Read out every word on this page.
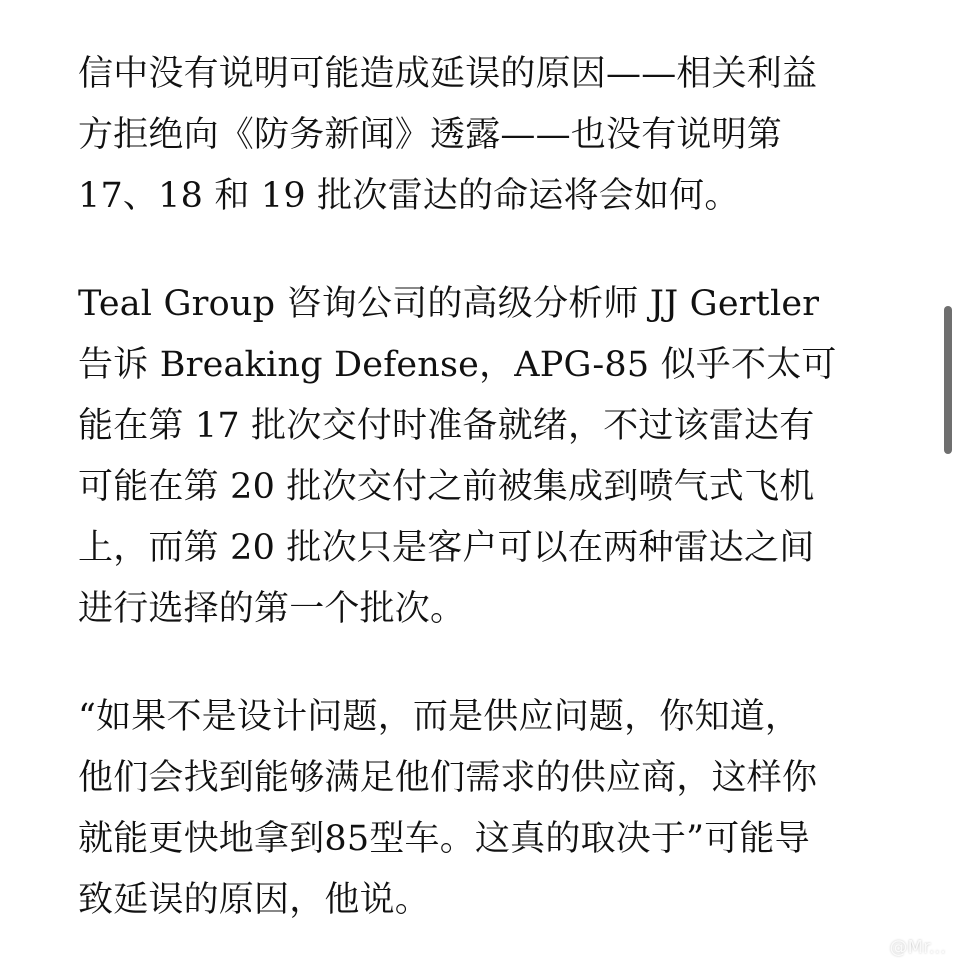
信中没有说明可能造成延误的原因——相关利益
方拒绝向《防务新闻》透露——也没有说明第
17、18 和 19 批次雷达的命运将会如何。

Teal Group 咨询公司的高级分析师 JJ Gertler
告诉 Breaking Defense，APG-85 似乎不太可
能在第 17 批次交付时准备就绪，不过该雷达有
可能在第 20 批次交付之前被集成到喷气式飞机
上，而第 20 批次只是客户可以在两种雷达之间
进行选择的第一个批次。

“如果不是设计问题，而是供应问题，你知道，
他们会找到能够满足他们需求的供应商，这样你
就能更快地拿到85型车。这真的取决于”可能导
致延误的原因，他说。

@Mr...
